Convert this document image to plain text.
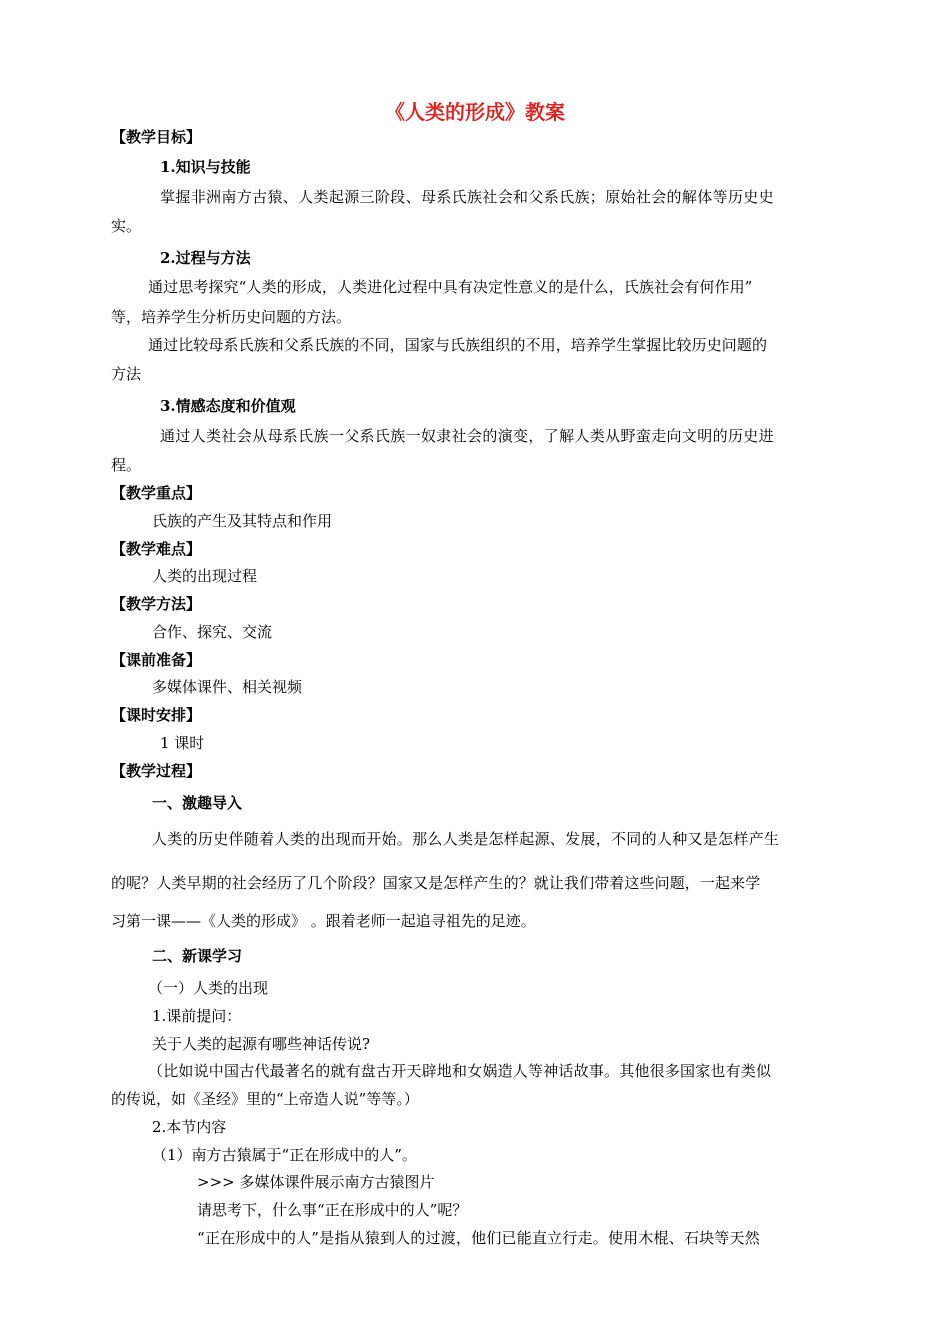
《人类的形成》教案
【教学目标】
1.知识与技能
掌握非洲南方古猿、人类起源三阶段、母系氏族社会和父系氏族；原始社会的解体等历史史
实。
2.过程与方法
通过思考探究“人类的形成，人类进化过程中具有决定性意义的是什么，氏族社会有何作用”
等，培养学生分析历史问题的方法。
通过比较母系氏族和父系氏族的不同，国家与氏族组织的不用，培养学生掌握比较历史问题的
方法
3.情感态度和价值观
通过人类社会从母系氏族一父系氏族一奴隶社会的演变，了解人类从野蛮走向文明的历史进
程。
【教学重点】
氏族的产生及其特点和作用
【教学难点】
人类的出现过程
【教学方法】
合作、探究、交流
【课前准备】
多媒体课件、相关视频
【课时安排】
1 课时
【教学过程】
一、激趣导入
人类的历史伴随着人类的出现而开始。那么人类是怎样起源、发展，不同的人种又是怎样产生
的呢？人类早期的社会经历了几个阶段？国家又是怎样产生的？就让我们带着这些问题，一起来学
习第一课——《人类的形成》 。跟着老师一起追寻祖先的足迹。
二、新课学习
（一）人类的出现
1.课前提问：
关于人类的起源有哪些神话传说?
（比如说中国古代最著名的就有盘古开天辟地和女娲造人等神话故事。其他很多国家也有类似
的传说，如《圣经》里的“上帝造人说”等等。）
2.本节内容
（1）南方古猿属于“正在形成中的人”。
>>> 多媒体课件展示南方古猿图片
请思考下，什么事“正在形成中的人”呢？
“正在形成中的人”是指从猿到人的过渡，他们已能直立行走。使用木棍、石块等天然
